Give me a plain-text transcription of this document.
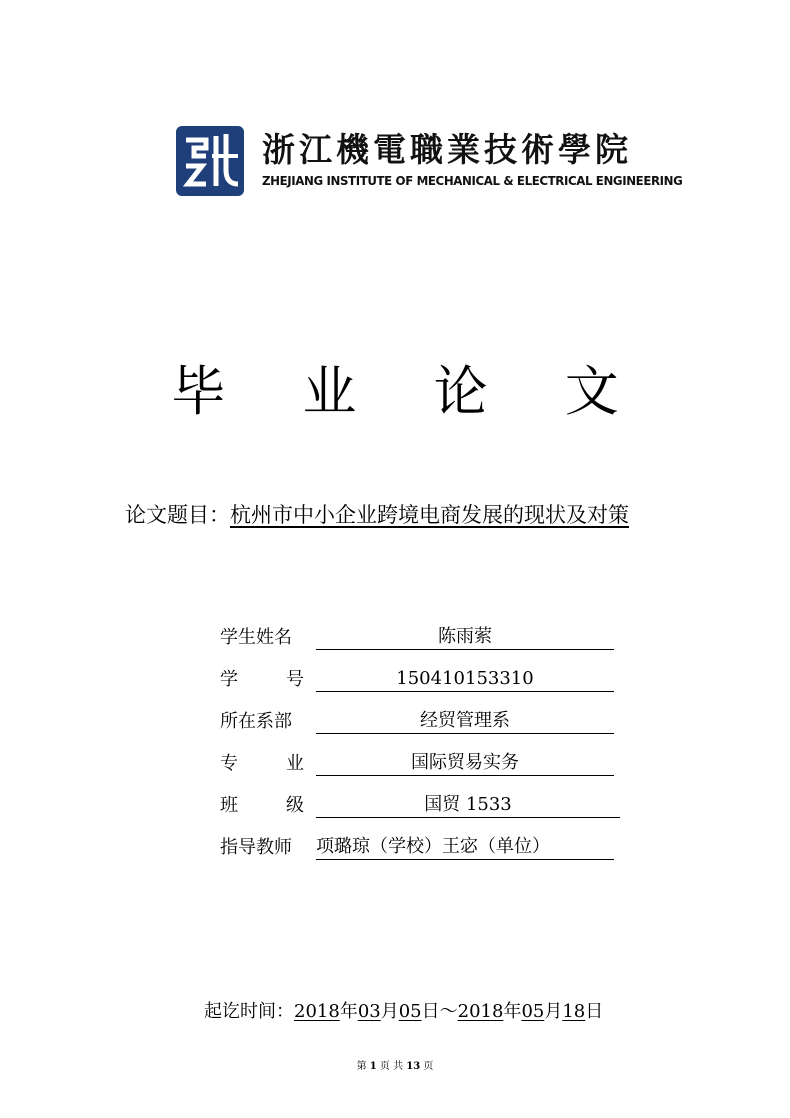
浙江機電職業技術學院
ZHEJIANG INSTITUTE OF MECHANICAL & ELECTRICAL ENGINEERING
毕 业 论 文
论文题目：杭州市中小企业跨境电商发展的现状及对策
学生姓名	陈雨萦
学	号	150410153310
所在系部	经贸管理系
专	业	国际贸易实务
班	级	国贸 1533
指导教师	项璐琼（学校）王宓（单位）
起讫时间：2018年03月05日～2018年05月18日
第 1 页 共 13 页
